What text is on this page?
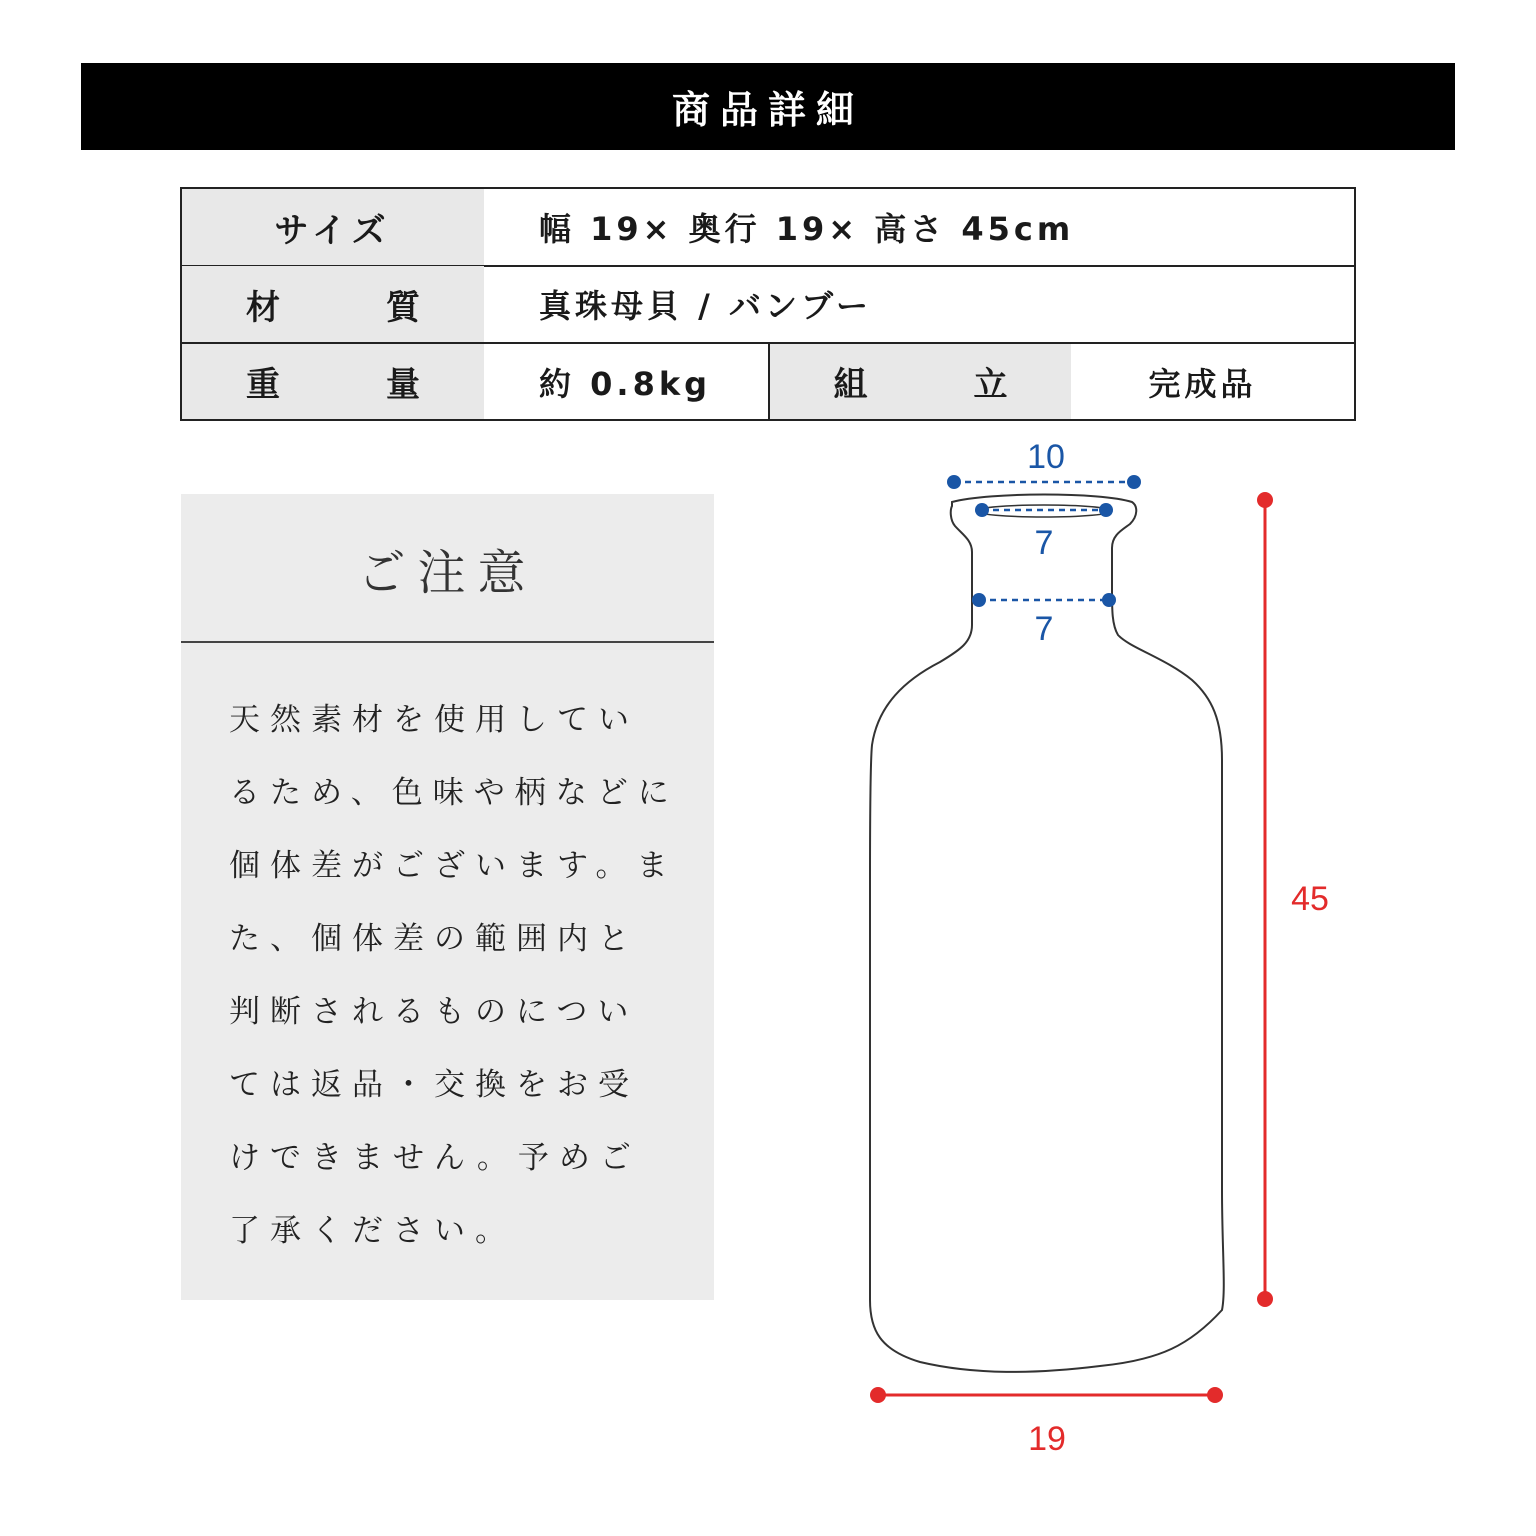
商品詳細
サイズ	幅 19× 奥行 19× 高さ 45cm
材　質	真珠母貝 / バンブー
重　量	約 0.8kg	組　立	完成品
ご注意
天然素材を使用しているため、色味や柄などに個体差がございます。また、個体差の範囲内と判断されるものについては返品・交換をお受けできません。予めご了承ください。
10
7
7
45
19
